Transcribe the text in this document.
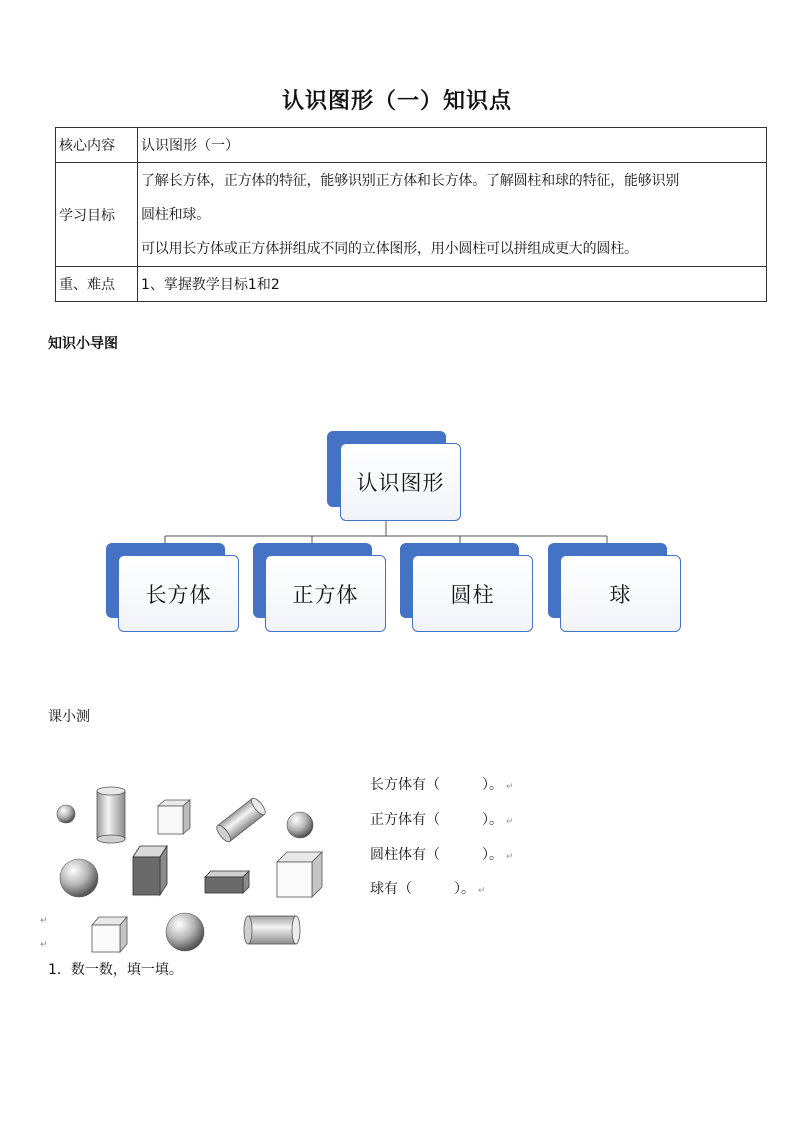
认识图形（一）知识点
核心内容	认识图形（一）
学习目标	了解长方体，正方体的特征，能够识别正方体和长方体。了解圆柱和球的特征，能够识别
圆柱和球。
可以用长方体或正方体拼组成不同的立体图形，用小圆柱可以拼组成更大的圆柱。

重、难点	1、掌握教学目标1和2
知识小导图
认识图形
长方体	正方体	圆柱	球
课小测
长方体有（　　　）。 ↵
正方体有（　　　）。 ↵
圆柱体有（　　　）。 ↵
球有（　　　）。 ↵
↵
↵
1．数一数，填一填。
